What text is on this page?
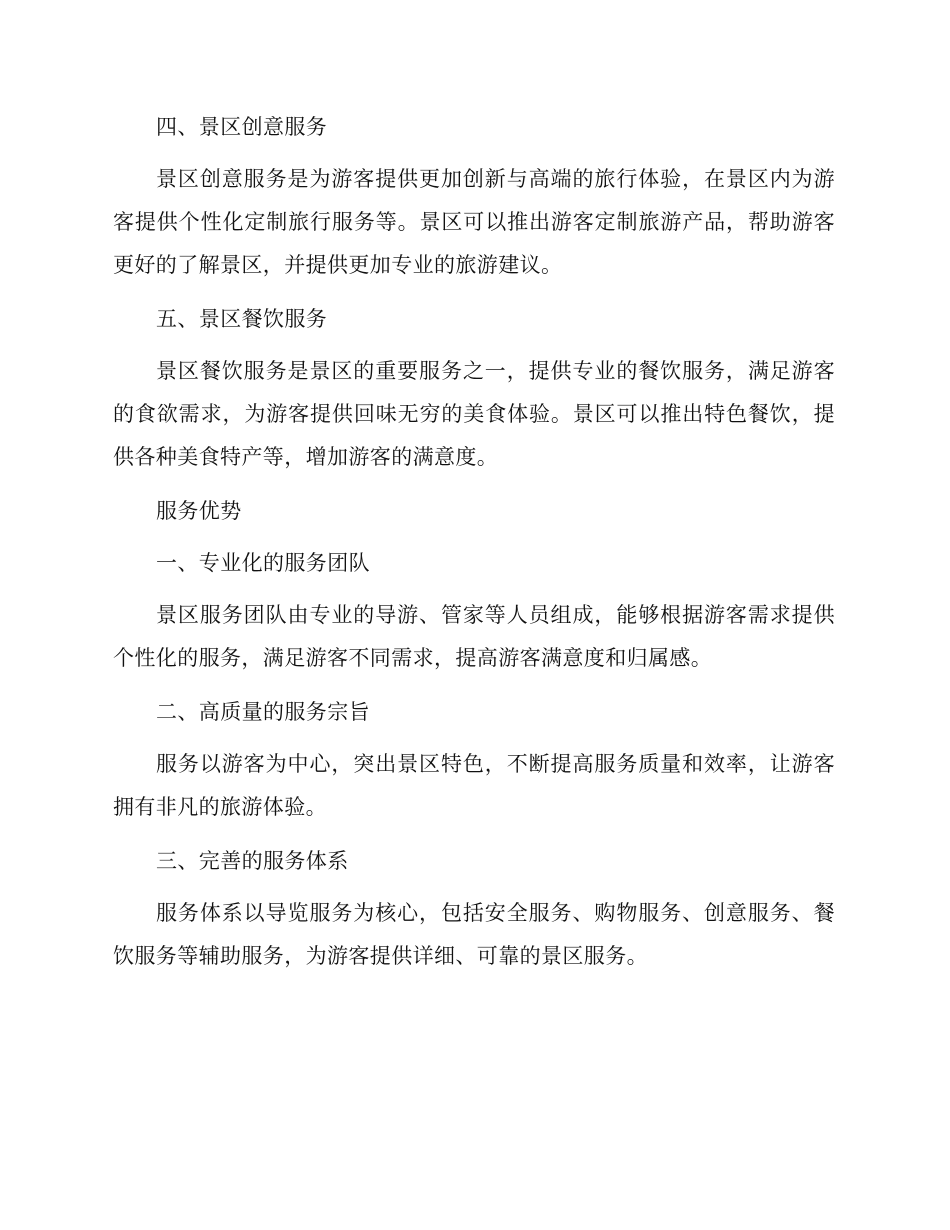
四、景区创意服务

景区创意服务是为游客提供更加创新与高端的旅行体验，在景区内为游客提供个性化定制旅行服务等。景区可以推出游客定制旅游产品，帮助游客更好的了解景区，并提供更加专业的旅游建议。

五、景区餐饮服务

景区餐饮服务是景区的重要服务之一，提供专业的餐饮服务，满足游客的食欲需求，为游客提供回味无穷的美食体验。景区可以推出特色餐饮，提供各种美食特产等，增加游客的满意度。

服务优势
一、专业化的服务团队

景区服务团队由专业的导游、管家等人员组成，能够根据游客需求提供个性化的服务，满足游客不同需求，提高游客满意度和归属感。

二、高质量的服务宗旨

服务以游客为中心，突出景区特色，不断提高服务质量和效率，让游客拥有非凡的旅游体验。

三、完善的服务体系

服务体系以导览服务为核心，包括安全服务、购物服务、创意服务、餐饮服务等辅助服务，为游客提供详细、可靠的景区服务。
